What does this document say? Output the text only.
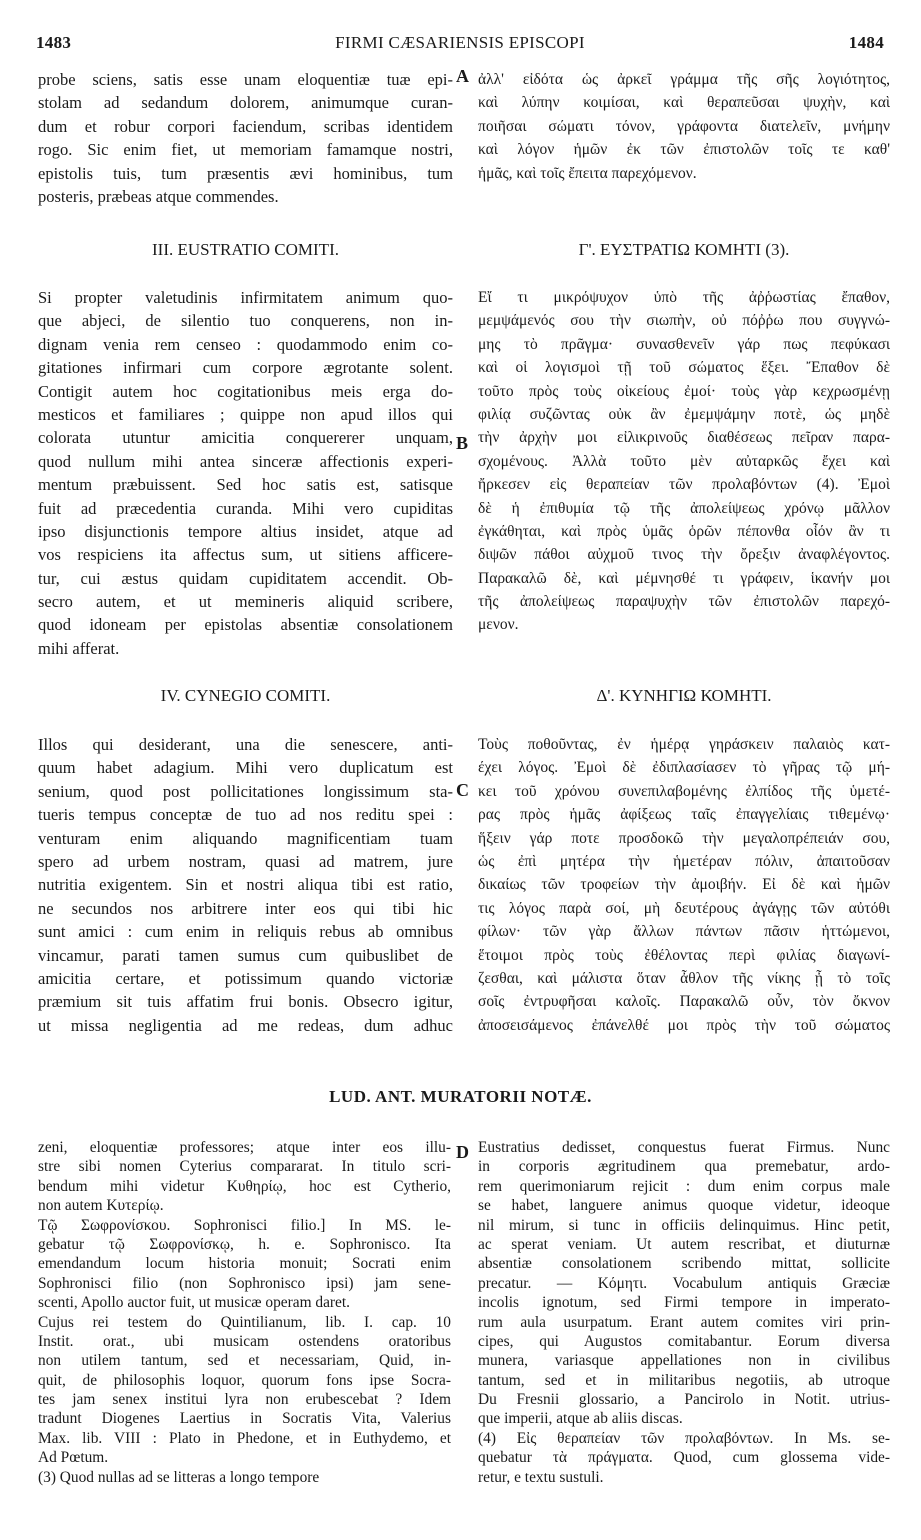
1483	FIRMI CÆSARIENSIS EPISCOPI	1484
A
B
C
D
probe sciens, satis esse unam eloquentiæ tuæ epi-
stolam ad sedandum dolorem, animumque curan-
dum et robur corpori faciendum, scribas identidem
rogo. Sic enim fiet, ut memoriam famamque nostri,
epistolis tuis, tum præsentis ævi hominibus, tum
posteris, præbeas atque commendes.
ἀλλ' εἰδότα ὡς ἀρκεῖ γράμμα τῆς σῆς λογιότητος,
καὶ λύπην κοιμίσαι, καὶ θεραπεῦσαι ψυχὴν, καὶ
ποιῆσαι σώματι τόνον, γράφοντα διατελεῖν, μνήμην
καὶ λόγον ἡμῶν ἐκ τῶν ἐπιστολῶν τοῖς τε καθ'
ἡμᾶς, καὶ τοῖς ἔπειτα παρεχόμενον.
III. EUSTRATIO COMITI.	Γ'. ΕΥΣΤΡΑΤΙΩ ΚΟΜΗΤΙ (3).
Si propter valetudinis infirmitatem animum quo-
que abjeci, de silentio tuo conquerens, non in-
dignam venia rem censeo : quodammodo enim co-
gitationes infirmari cum corpore ægrotante solent.
Contigit autem hoc cogitationibus meis erga do-
mesticos et familiares ; quippe non apud illos qui
colorata utuntur amicitia conquererer unquam,
quod nullum mihi antea sinceræ affectionis experi-
mentum præbuissent. Sed hoc satis est, satisque
fuit ad præcedentia curanda. Mihi vero cupiditas
ipso disjunctionis tempore altius insidet, atque ad
vos respiciens ita affectus sum, ut sitiens afficere-
tur, cui æstus quidam cupiditatem accendit. Ob-
secro autem, et ut memineris aliquid scribere,
quod idoneam per epistolas absentiæ consolationem
mihi afferat.
Εἴ τι μικρόψυχον ὑπὸ τῆς ἀῤῥωστίας ἔπαθον,
μεμψάμενός σου τὴν σιωπὴν, οὐ πόῤῥω που συγγνώ-
μης τὸ πρᾶγμα· συνασθενεῖν γάρ πως πεφύκασι
καὶ οἱ λογισμοὶ τῇ τοῦ σώματος ἕξει. Ἔπαθον δὲ
τοῦτο πρὸς τοὺς οἰκείους ἐμοί· τοὺς γὰρ κεχρωσμένῃ
φιλίᾳ συζῶντας οὐκ ἂν ἐμεμψάμην ποτὲ, ὡς μηδὲ
τὴν ἀρχὴν μοι εἰλικρινοῦς διαθέσεως πεῖραν παρα-
σχομένους. Ἀλλὰ τοῦτο μὲν αὐταρκῶς ἔχει καὶ
ἤρκεσεν εἰς θεραπείαν τῶν προλαβόντων (4). Ἐμοὶ
δὲ ἡ ἐπιθυμία τῷ τῆς ἀπολείψεως χρόνῳ μᾶλλον
ἐγκάθηται, καὶ πρὸς ὑμᾶς ὁρῶν πέπονθα οἷόν ἂν τι
διψῶν πάθοι αὐχμοῦ τινος τὴν ὄρεξιν ἀναφλέγοντος.
Παρακαλῶ δὲ, καὶ μέμνησθέ τι γράφειν, ἱκανήν μοι
τῆς ἀπολείψεως παραψυχὴν τῶν ἐπιστολῶν παρεχό-
μενον.
IV. CYNEGIO COMITI.	Δ'. ΚΥΝΗΓΙΩ ΚΟΜΗΤΙ.
Illos qui desiderant, una die senescere, anti-
quum habet adagium. Mihi vero duplicatum est
senium, quod post pollicitationes longissimum sta-
tueris tempus conceptæ de tuo ad nos reditu spei :
venturam enim aliquando magnificentiam tuam
spero ad urbem nostram, quasi ad matrem, jure
nutritia exigentem. Sin et nostri aliqua tibi est ratio,
ne secundos nos arbitrere inter eos qui tibi hic
sunt amici : cum enim in reliquis rebus ab omnibus
vincamur, parati tamen sumus cum quibuslibet de
amicitia certare, et potissimum quando victoriæ
præmium sit tuis affatim frui bonis. Obsecro igitur,
ut missa negligentia ad me redeas, dum adhuc
Τοὺς ποθοῦντας, ἐν ἡμέρᾳ γηράσκειν παλαιὸς κατ-
έχει λόγος. Ἐμοὶ δὲ ἐδιπλασίασεν τὸ γῆρας τῷ μή-
κει τοῦ χρόνου συνεπιλαβομένης ἐλπίδος τῆς ὑμετέ-
ρας πρὸς ἡμᾶς ἀφίξεως ταῖς ἐπαγγελίαις τιθεμένῳ·
ἥξειν γάρ ποτε προσδοκῶ τὴν μεγαλοπρέπειάν σου,
ὡς ἐπὶ μητέρα τὴν ἡμετέραν πόλιν, ἀπαιτοῦσαν
δικαίως τῶν τροφείων τὴν ἀμοιβήν. Εἰ δὲ καὶ ἡμῶν
τις λόγος παρὰ σοί, μὴ δευτέρους ἀγάγῃς τῶν αὐτόθι
φίλων· τῶν γὰρ ἄλλων πάντων πᾶσιν ἡττώμενοι,
ἕτοιμοι πρὸς τοὺς ἐθέλοντας περὶ φιλίας διαγωνί-
ζεσθαι, καὶ μάλιστα ὅταν ἆθλον τῆς νίκης ᾖ τὸ τοῖς
σοῖς ἐντρυφῆσαι καλοῖς. Παρακαλῶ οὖν, τὸν ὄκνον
ἀποσεισάμενος ἐπάνελθέ μοι πρὸς τὴν τοῦ σώματος
LUD. ANT. MURATORII NOTÆ.
zeni, eloquentiæ professores; atque inter eos illu-
stre sibi nomen Cyterius compararat. In titulo scri-
bendum mihi videtur Κυθηρίῳ, hoc est Cytherio,
non autem Κυτερίῳ.
Τῷ Σωφρονίσκου. Sophronisci filio.] In MS. le-
gebatur τῷ Σωφρονίσκῳ, h. e. Sophronisco. Ita
emendandum locum historia monuit; Socrati enim
Sophronisci filio (non Sophronisco ipsi) jam sene-
scenti, Apollo auctor fuit, ut musicæ operam daret.
Cujus rei testem do Quintilianum, lib. I. cap. 10
Instit. orat., ubi musicam ostendens oratoribus
non utilem tantum, sed et necessariam, Quid, in-
quit, de philosophis loquor, quorum fons ipse Socra-
tes jam senex institui lyra non erubescebat ? Idem
tradunt Diogenes Laertius in Socratis Vita, Valerius
Max. lib. VIII : Plato in Phedone, et in Euthydemo, et
Ad Pœtum.
(3) Quod nullas ad se litteras a longo tempore
Eustratius dedisset, conquestus fuerat Firmus. Nunc
in corporis ægritudinem qua premebatur, ardo-
rem querimoniarum rejicit : dum enim corpus male
se habet, languere animus quoque videtur, ideoque
nil mirum, si tunc in officiis delinquimus. Hinc petit,
ac sperat veniam. Ut autem rescribat, et diuturnæ
absentiæ consolationem scribendo mittat, sollicite
precatur. — Κόμητι. Vocabulum antiquis Græciæ
incolis ignotum, sed Firmi tempore in imperato-
rum aula usurpatum. Erant autem comites viri prin-
cipes, qui Augustos comitabantur. Eorum diversa
munera, variasque appellationes non in civilibus
tantum, sed et in militaribus negotiis, ab utroque
Du Fresnii glossario, a Pancirolo in Notit. utrius-
que imperii, atque ab aliis discas.
(4) Εἰς θεραπείαν τῶν προλαβόντων. In Ms. se-
quebatur τὰ πράγματα. Quod, cum glossema vide-
retur, e textu sustuli.
